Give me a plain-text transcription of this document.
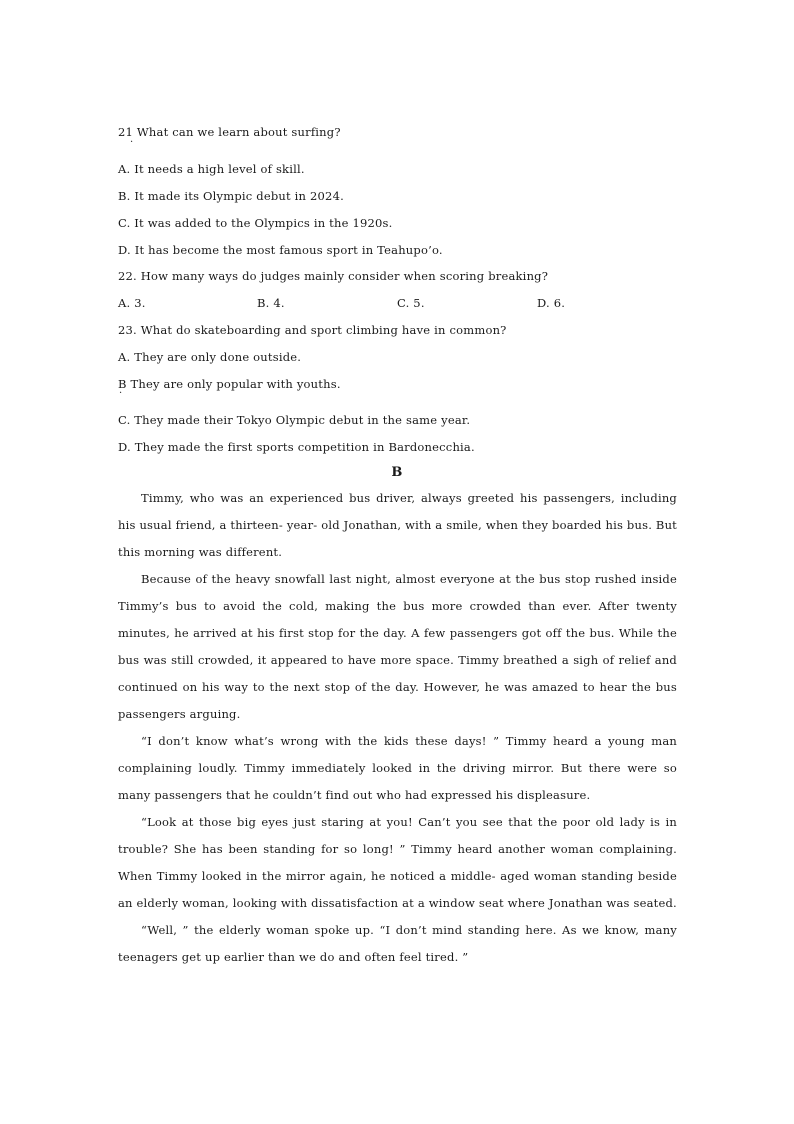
21 What can we learn about surfing?
·
A. It needs a high level of skill.
B. It made its Olympic debut in 2024.
C. It was added to the Olympics in the 1920s.
D. It has become the most famous sport in Teahupo’o.
22. How many ways do judges mainly consider when scoring breaking?
A. 3.	B. 4.	C. 5.	D. 6.
23. What do skateboarding and sport climbing have in common?
A. They are only done outside.
B They are only popular with youths.
·
C. They made their Tokyo Olympic debut in the same year.
D. They made the first sports competition in Bardonecchia.
B

Timmy, who was an experienced bus driver, always greeted his passengers, including his usual friend, a thirteen- year- old Jonathan, with a smile, when they boarded his bus. But this morning was different.

Because of the heavy snowfall last night, almost everyone at the bus stop rushed inside Timmy’s bus to avoid the cold, making the bus more crowded than ever. After twenty minutes, he arrived at his first stop for the day. A few passengers got off the bus. While the bus was still crowded, it appeared to have more space. Timmy breathed a sigh of relief and continued on his way to the next stop of the day. However, he was amazed to hear the bus passengers arguing.

“I don’t know what’s wrong with the kids these days! ” Timmy heard a young man complaining loudly. Timmy immediately looked in the driving mirror. But there were so many passengers that he couldn’t find out who had expressed his displeasure.

“Look at those big eyes just staring at you! Can’t you see that the poor old lady is in trouble? She has been standing for so long! ” Timmy heard another woman complaining. When Timmy looked in the mirror again, he noticed a middle- aged woman standing beside an elderly woman, looking with dissatisfaction at a window seat where Jonathan was seated.

“Well, ” the elderly woman spoke up. “I don’t mind standing here. As we know, many teenagers get up earlier than we do and often feel tired. ”
